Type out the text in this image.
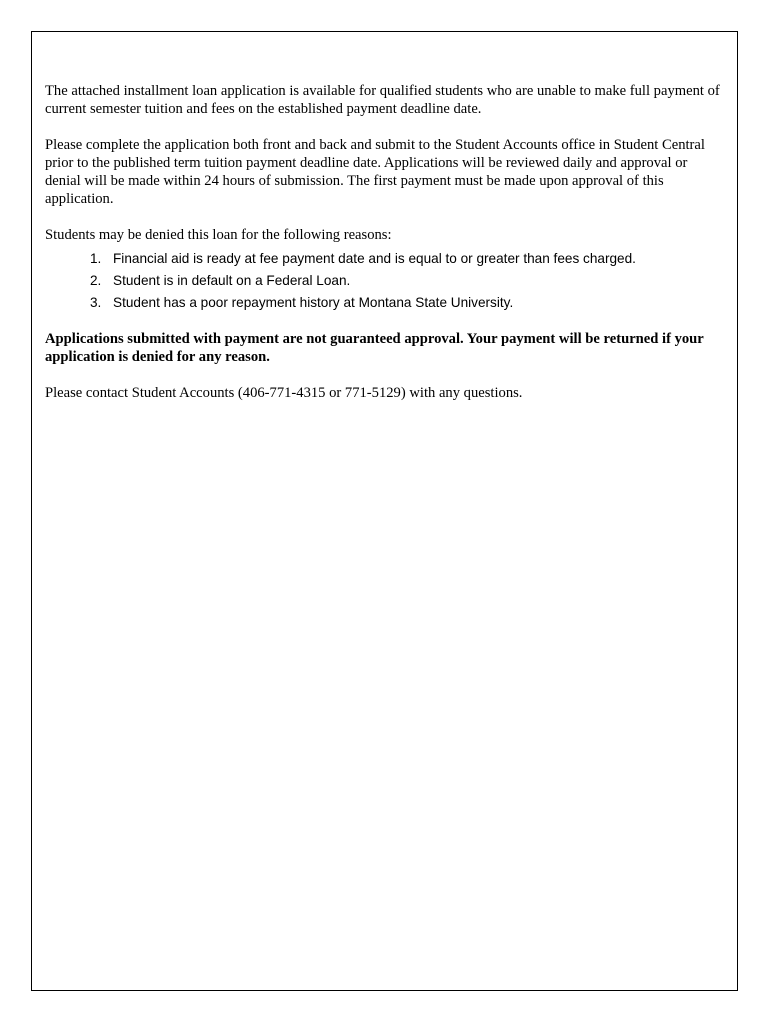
The attached installment loan application is available for qualified students who are unable to make full payment of current semester tuition and fees on the established payment deadline date.

Please complete the application both front and back and submit to the Student Accounts office in Student Central prior to the published term tuition payment deadline date. Applications will be reviewed daily and approval or denial will be made within 24 hours of submission. The first payment must be made upon approval of this application.

Students may be denied this loan for the following reasons:

1. Financial aid is ready at fee payment date and is equal to or greater than fees charged.
2. Student is in default on a Federal Loan.
3. Student has a poor repayment history at Montana State University.

Applications submitted with payment are not guaranteed approval. Your payment will be returned if your application is denied for any reason.

Please contact Student Accounts (406-771-4315 or 771-5129) with any questions.
